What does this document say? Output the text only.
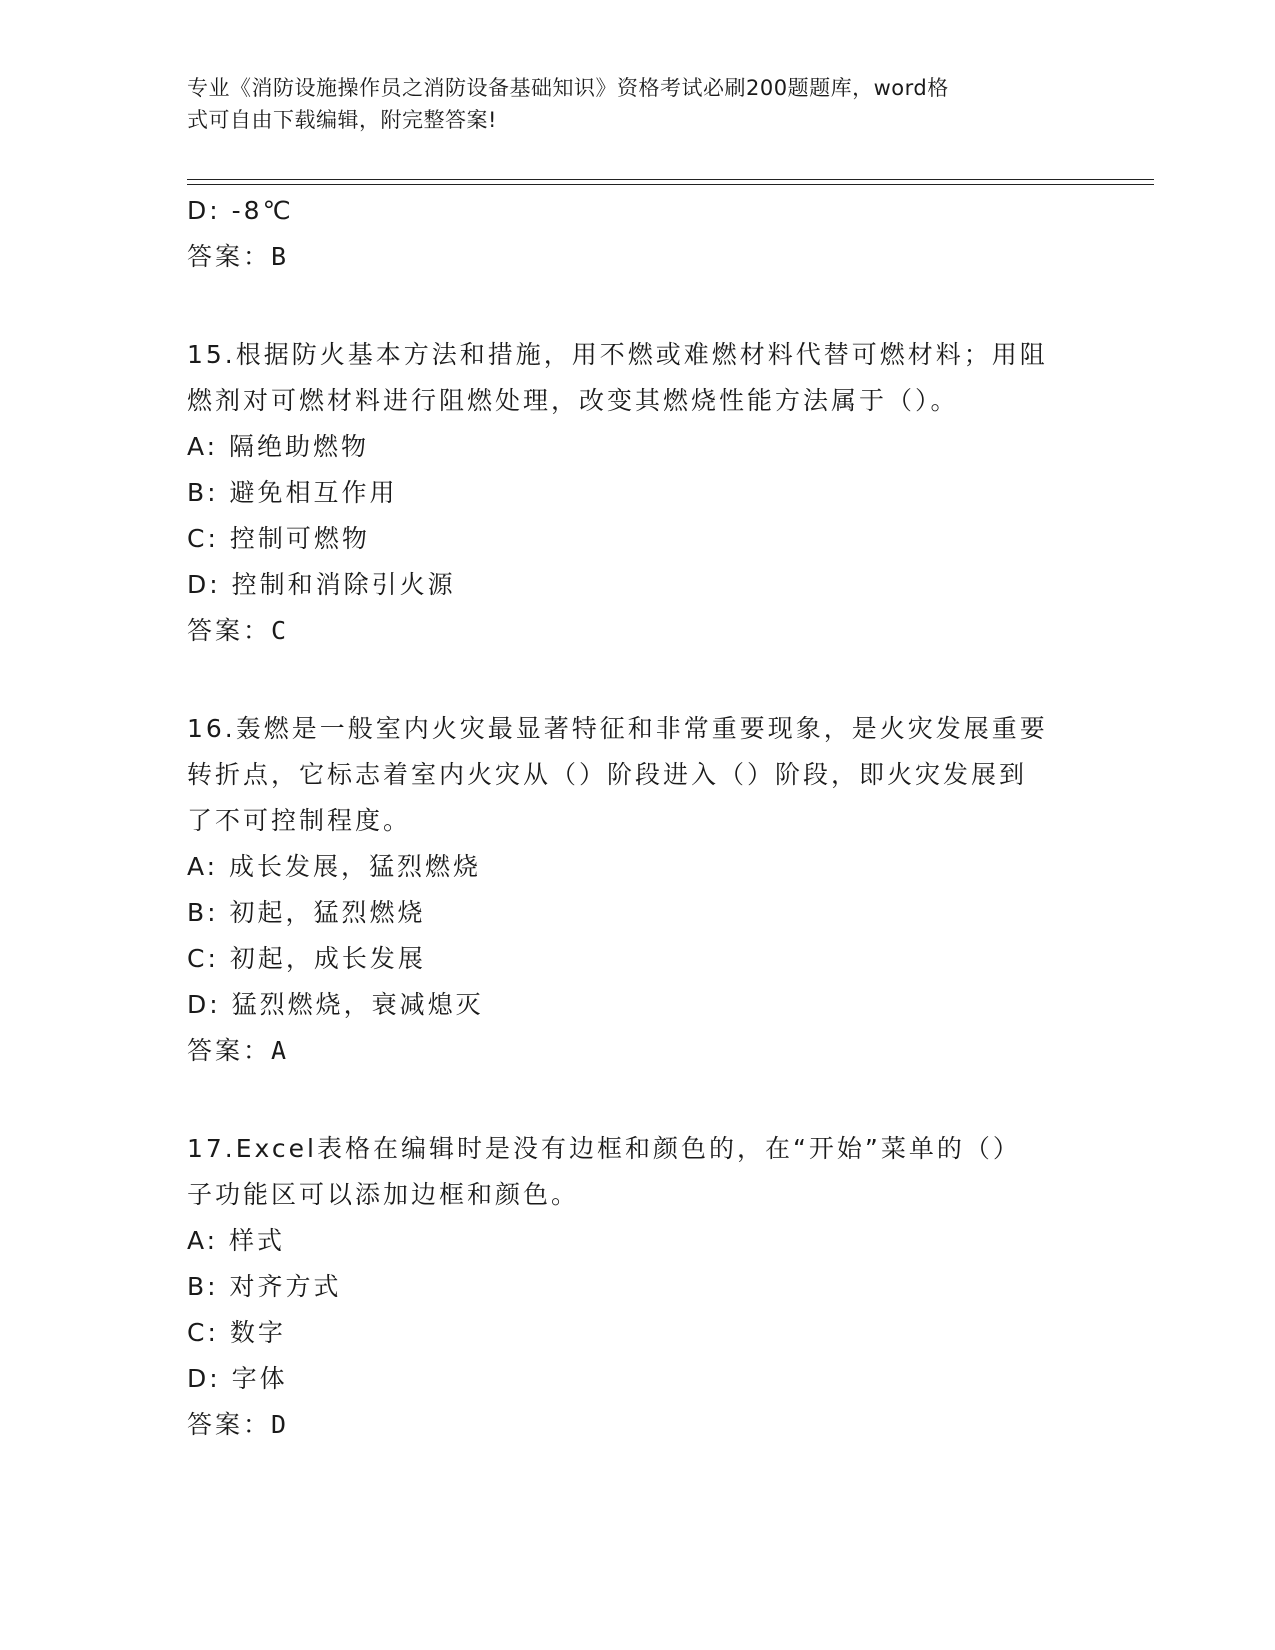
专业《消防设施操作员之消防设备基础知识》资格考试必刷200题题库，word格
式可自由下载编辑，附完整答案!
D: -8℃
答案：B
15.根据防火基本方法和措施，用不燃或难燃材料代替可燃材料；用阻
燃剂对可燃材料进行阻燃处理，改变其燃烧性能方法属于（）。
A: 隔绝助燃物
B: 避免相互作用
C: 控制可燃物
D: 控制和消除引火源
答案：C
16.轰燃是一般室内火灾最显著特征和非常重要现象，是火灾发展重要
转折点，它标志着室内火灾从（）阶段进入（）阶段，即火灾发展到
了不可控制程度。
A: 成长发展，猛烈燃烧
B: 初起，猛烈燃烧
C: 初起，成长发展
D: 猛烈燃烧，衰减熄灭
答案：A
17.Excel表格在编辑时是没有边框和颜色的，在“开始”菜单的（）
子功能区可以添加边框和颜色。
A: 样式
B: 对齐方式
C: 数字
D: 字体
答案：D
